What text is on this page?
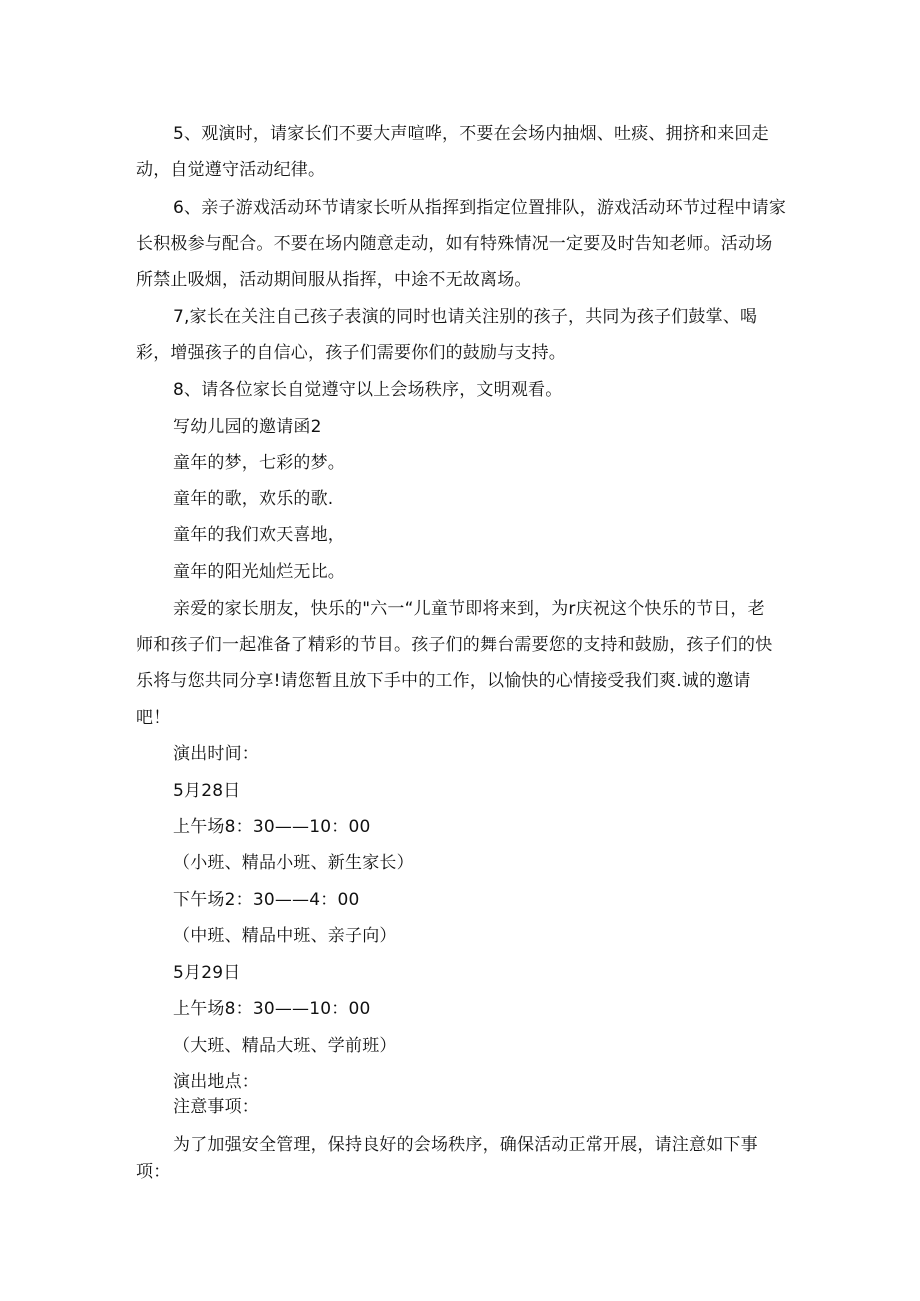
5、观演时，请家长们不要大声喧哗，不要在会场内抽烟、吐痰、拥挤和来回走
动，自觉遵守活动纪律。
6、亲子游戏活动环节请家长听从指挥到指定位置排队，游戏活动环节过程中请家
长积极参与配合。不要在场内随意走动，如有特殊情况一定要及时告知老师。活动场
所禁止吸烟，活动期间服从指挥，中途不无故离场。
7,家长在关注自己孩子表演的同时也请关注别的孩子，共同为孩子们鼓掌、喝
彩，增强孩子的自信心，孩子们需要你们的鼓励与支持。
8、请各位家长自觉遵守以上会场秩序，文明观看。
写幼儿园的邀请函2
童年的梦，七彩的梦。
童年的歌，欢乐的歌.
童年的我们欢天喜地，
童年的阳光灿烂无比。
亲爱的家长朋友，快乐的"六一“儿童节即将来到，为r庆祝这个快乐的节日，老
师和孩子们一起准备了精彩的节目。孩子们的舞台需要您的支持和鼓励，孩子们的快
乐将与您共同分享!请您暂且放下手中的工作，以愉快的心情接受我们爽.诚的邀请
吧！
演出时间：
5月28日
上午场8：30——10：00
（小班、精品小班、新生家长）
下午场2：30——4：00
（中班、精品中班、亲子向）
5月29日
上午场8：30——10：00
（大班、精品大班、学前班）
演出地点：
注意事项：
为了加强安全管理，保持良好的会场秩序，确保活动正常开展，请注意如下事
项：
